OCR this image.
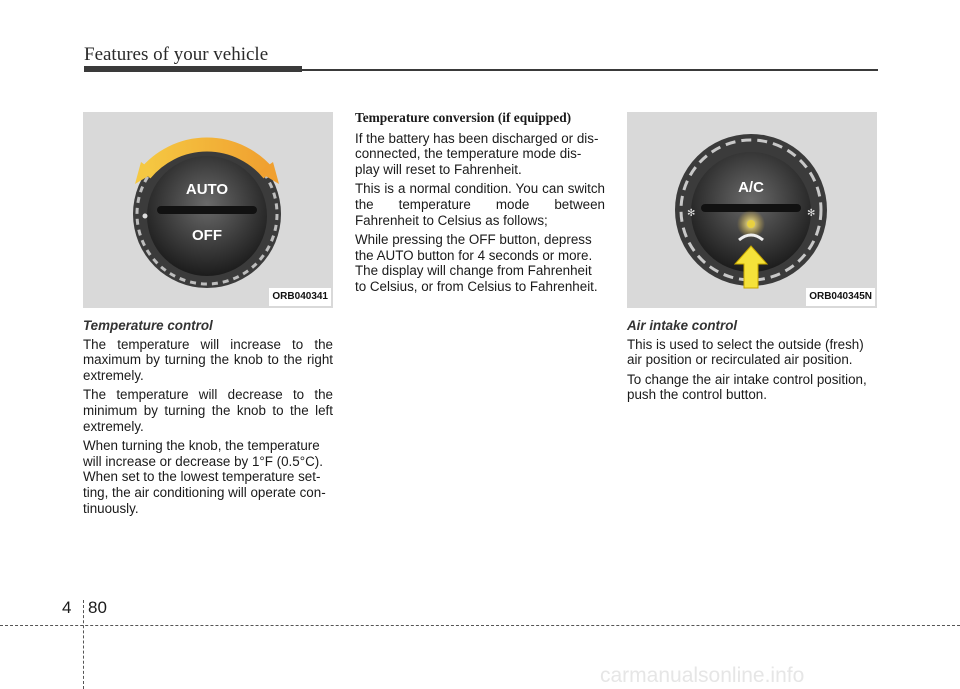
Features of your vehicle
AUTO
OFF
ORB040341
Temperature control

The temperature will increase to the maximum by turning the knob to the right extremely.

The temperature will decrease to the minimum by turning the knob to the left extremely.

When turning the knob, the temperature will increase or decrease by 1°F (0.5°C). When set to the lowest temperature set-ting, the air conditioning will operate con-tinuously.

Temperature conversion (if equipped)

If the battery has been discharged or dis-connected, the temperature mode dis-play will reset to Fahrenheit.

This is a normal condition. You can switch the temperature mode between Fahrenheit to Celsius as follows;

While pressing the OFF button, depress the AUTO button for 4 seconds or more. The display will change from Fahrenheit to Celsius, or from Celsius to Fahrenheit.

✻	✻
A/C
ORB040345N
Air intake control

This is used to select the outside (fresh) air position or recirculated air position.

To change the air intake control position, push the control button.

4 80
carmanualsonline.info
